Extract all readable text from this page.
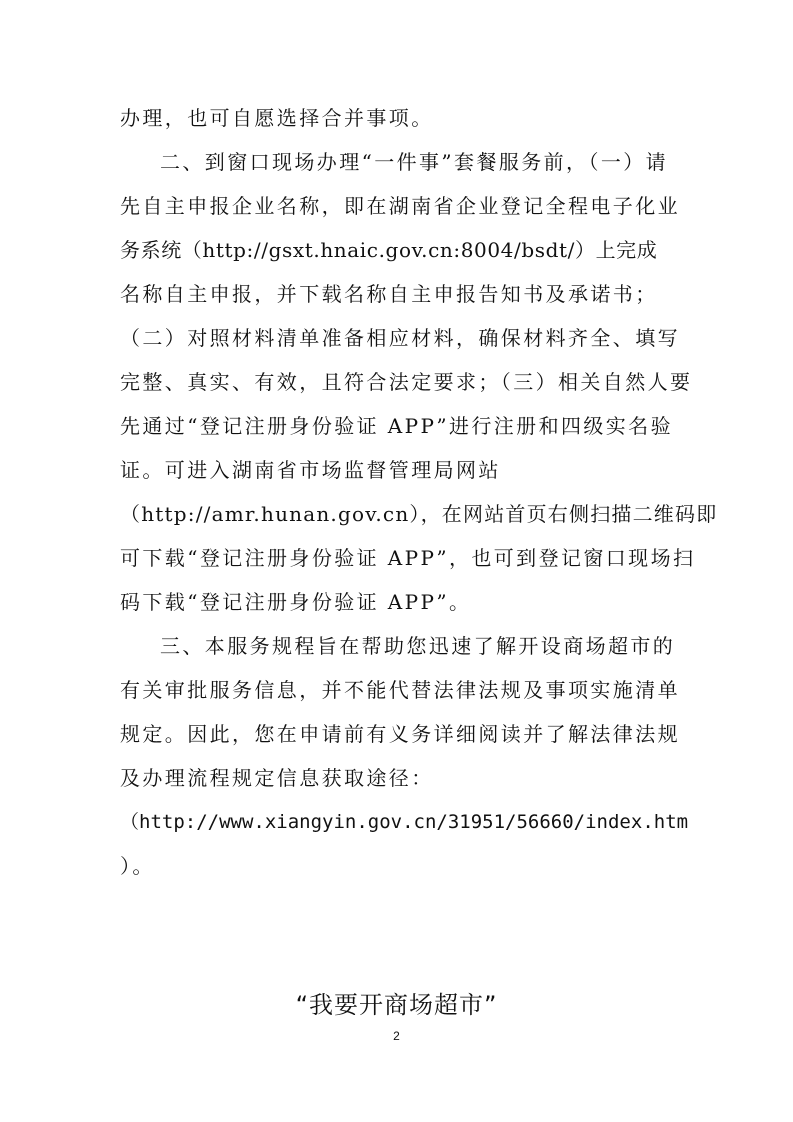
办理，也可自愿选择合并事项。
二、到窗口现场办理“一件事”套餐服务前，（一）请
先自主申报企业名称，即在湖南省企业登记全程电子化业
务系统（http://gsxt.hnaic.gov.cn:8004/bsdt/）上完成
名称自主申报，并下载名称自主申报告知书及承诺书；
（二）对照材料清单准备相应材料，确保材料齐全、填写
完整、真实、有效，且符合法定要求；（三）相关自然人要
先通过“登记注册身份验证 APP”进行注册和四级实名验
证。可进入湖南省市场监督管理局网站
（http://amr.hunan.gov.cn），在网站首页右侧扫描二维码即
可下载“登记注册身份验证 APP”，也可到登记窗口现场扫
码下载“登记注册身份验证 APP”。
三、本服务规程旨在帮助您迅速了解开设商场超市的
有关审批服务信息，并不能代替法律法规及事项实施清单
规定。因此，您在申请前有义务详细阅读并了解法律法规
及办理流程规定信息获取途径：
（http://www.xiangyin.gov.cn/31951/56660/index.htm
）。
“我要开商场超市”
2
